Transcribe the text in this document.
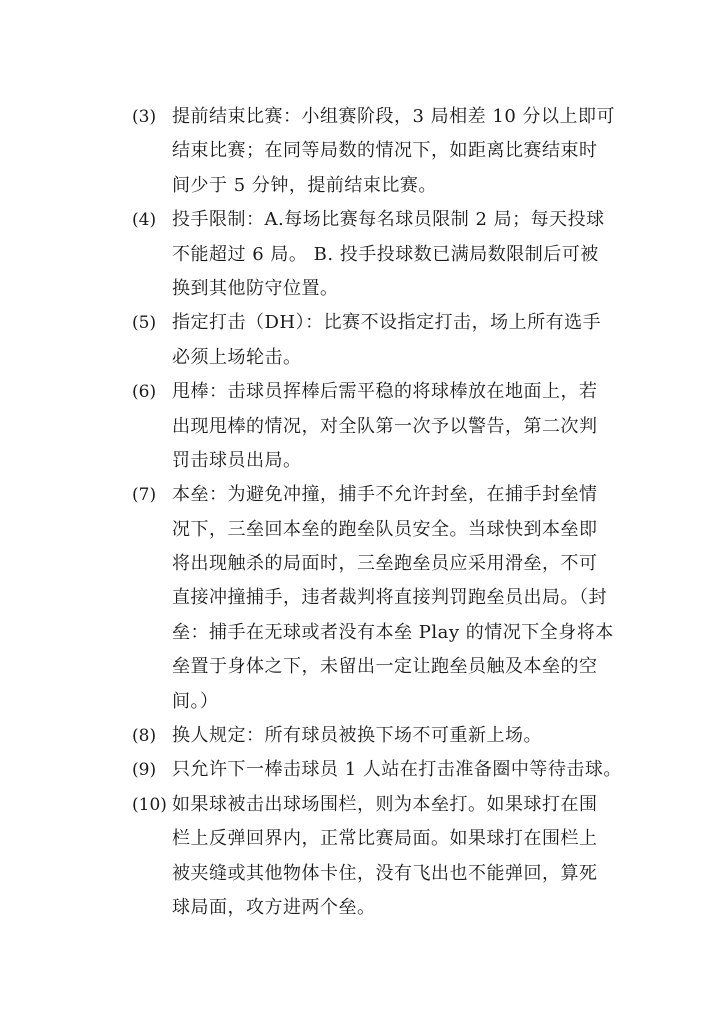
(3) 提前结束比赛：小组赛阶段，3 局相差 10 分以上即可
结束比赛；在同等局数的情况下，如距离比赛结束时
间少于 5 分钟，提前结束比赛。
(4) 投手限制：A.每场比赛每名球员限制 2 局；每天投球
不能超过 6 局。 B. 投手投球数已满局数限制后可被
换到其他防守位置。
(5) 指定打击（DH）：比赛不设指定打击，场上所有选手
必须上场轮击。
(6) 甩棒：击球员挥棒后需平稳的将球棒放在地面上，若
出现甩棒的情况，对全队第一次予以警告，第二次判
罚击球员出局。
(7) 本垒：为避免冲撞，捕手不允许封垒，在捕手封垒情
况下，三垒回本垒的跑垒队员安全。当球快到本垒即
将出现触杀的局面时，三垒跑垒员应采用滑垒，不可
直接冲撞捕手，违者裁判将直接判罚跑垒员出局。（封
垒：捕手在无球或者没有本垒 Play 的情况下全身将本
垒置于身体之下，未留出一定让跑垒员触及本垒的空
间。）
(8) 换人规定：所有球员被换下场不可重新上场。
(9) 只允许下一棒击球员 1 人站在打击准备圈中等待击球。
(10) 如果球被击出球场围栏，则为本垒打。如果球打在围
栏上反弹回界内，正常比赛局面。如果球打在围栏上
被夹缝或其他物体卡住，没有飞出也不能弹回，算死
球局面，攻方进两个垒。
